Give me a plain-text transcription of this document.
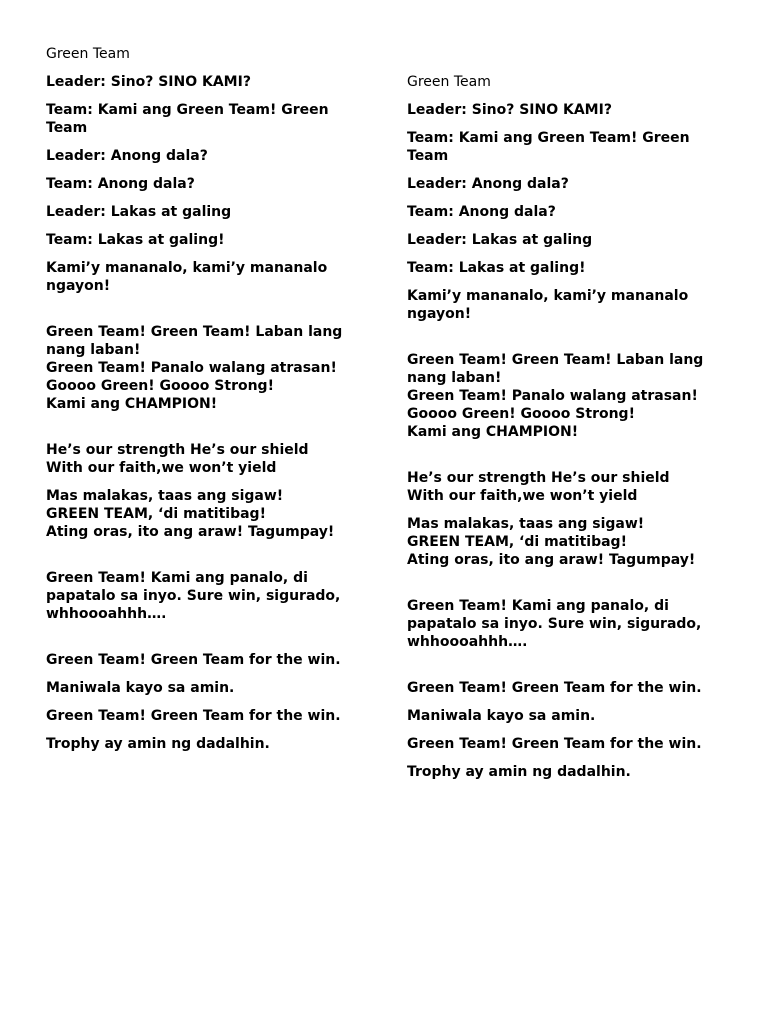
Green Team

Leader: Sino? SINO KAMI?

Team: Kami ang Green Team! Green Team

Leader: Anong dala?

Team: Anong dala?

Leader: Lakas at galing

Team: Lakas at galing!

Kami’y mananalo, kami’y mananalo ngayon!

Green Team! Green Team! Laban lang nang laban!
Green Team! Panalo walang atrasan!
Goooo Green! Goooo Strong!
Kami ang CHAMPION!

He’s our strength He’s our shield
With our faith,we won’t yield

Mas malakas, taas ang sigaw!
GREEN TEAM, ‘di matitibag!
Ating oras, ito ang araw! Tagumpay!

Green Team! Kami ang panalo, di papatalo sa inyo. Sure win, sigurado, whhoooahhh….

Green Team! Green Team for the win.

Maniwala kayo sa amin.

Green Team! Green Team for the win.

Trophy ay amin ng dadalhin.

Green Team

Leader: Sino? SINO KAMI?

Team: Kami ang Green Team! Green Team

Leader: Anong dala?

Team: Anong dala?

Leader: Lakas at galing

Team: Lakas at galing!

Kami’y mananalo, kami’y mananalo ngayon!

Green Team! Green Team! Laban lang nang laban!
Green Team! Panalo walang atrasan!
Goooo Green! Goooo Strong!
Kami ang CHAMPION!

He’s our strength He’s our shield
With our faith,we won’t yield

Mas malakas, taas ang sigaw!
GREEN TEAM, ‘di matitibag!
Ating oras, ito ang araw! Tagumpay!

Green Team! Kami ang panalo, di papatalo sa inyo. Sure win, sigurado, whhoooahhh….

Green Team! Green Team for the win.

Maniwala kayo sa amin.

Green Team! Green Team for the win.

Trophy ay amin ng dadalhin.
